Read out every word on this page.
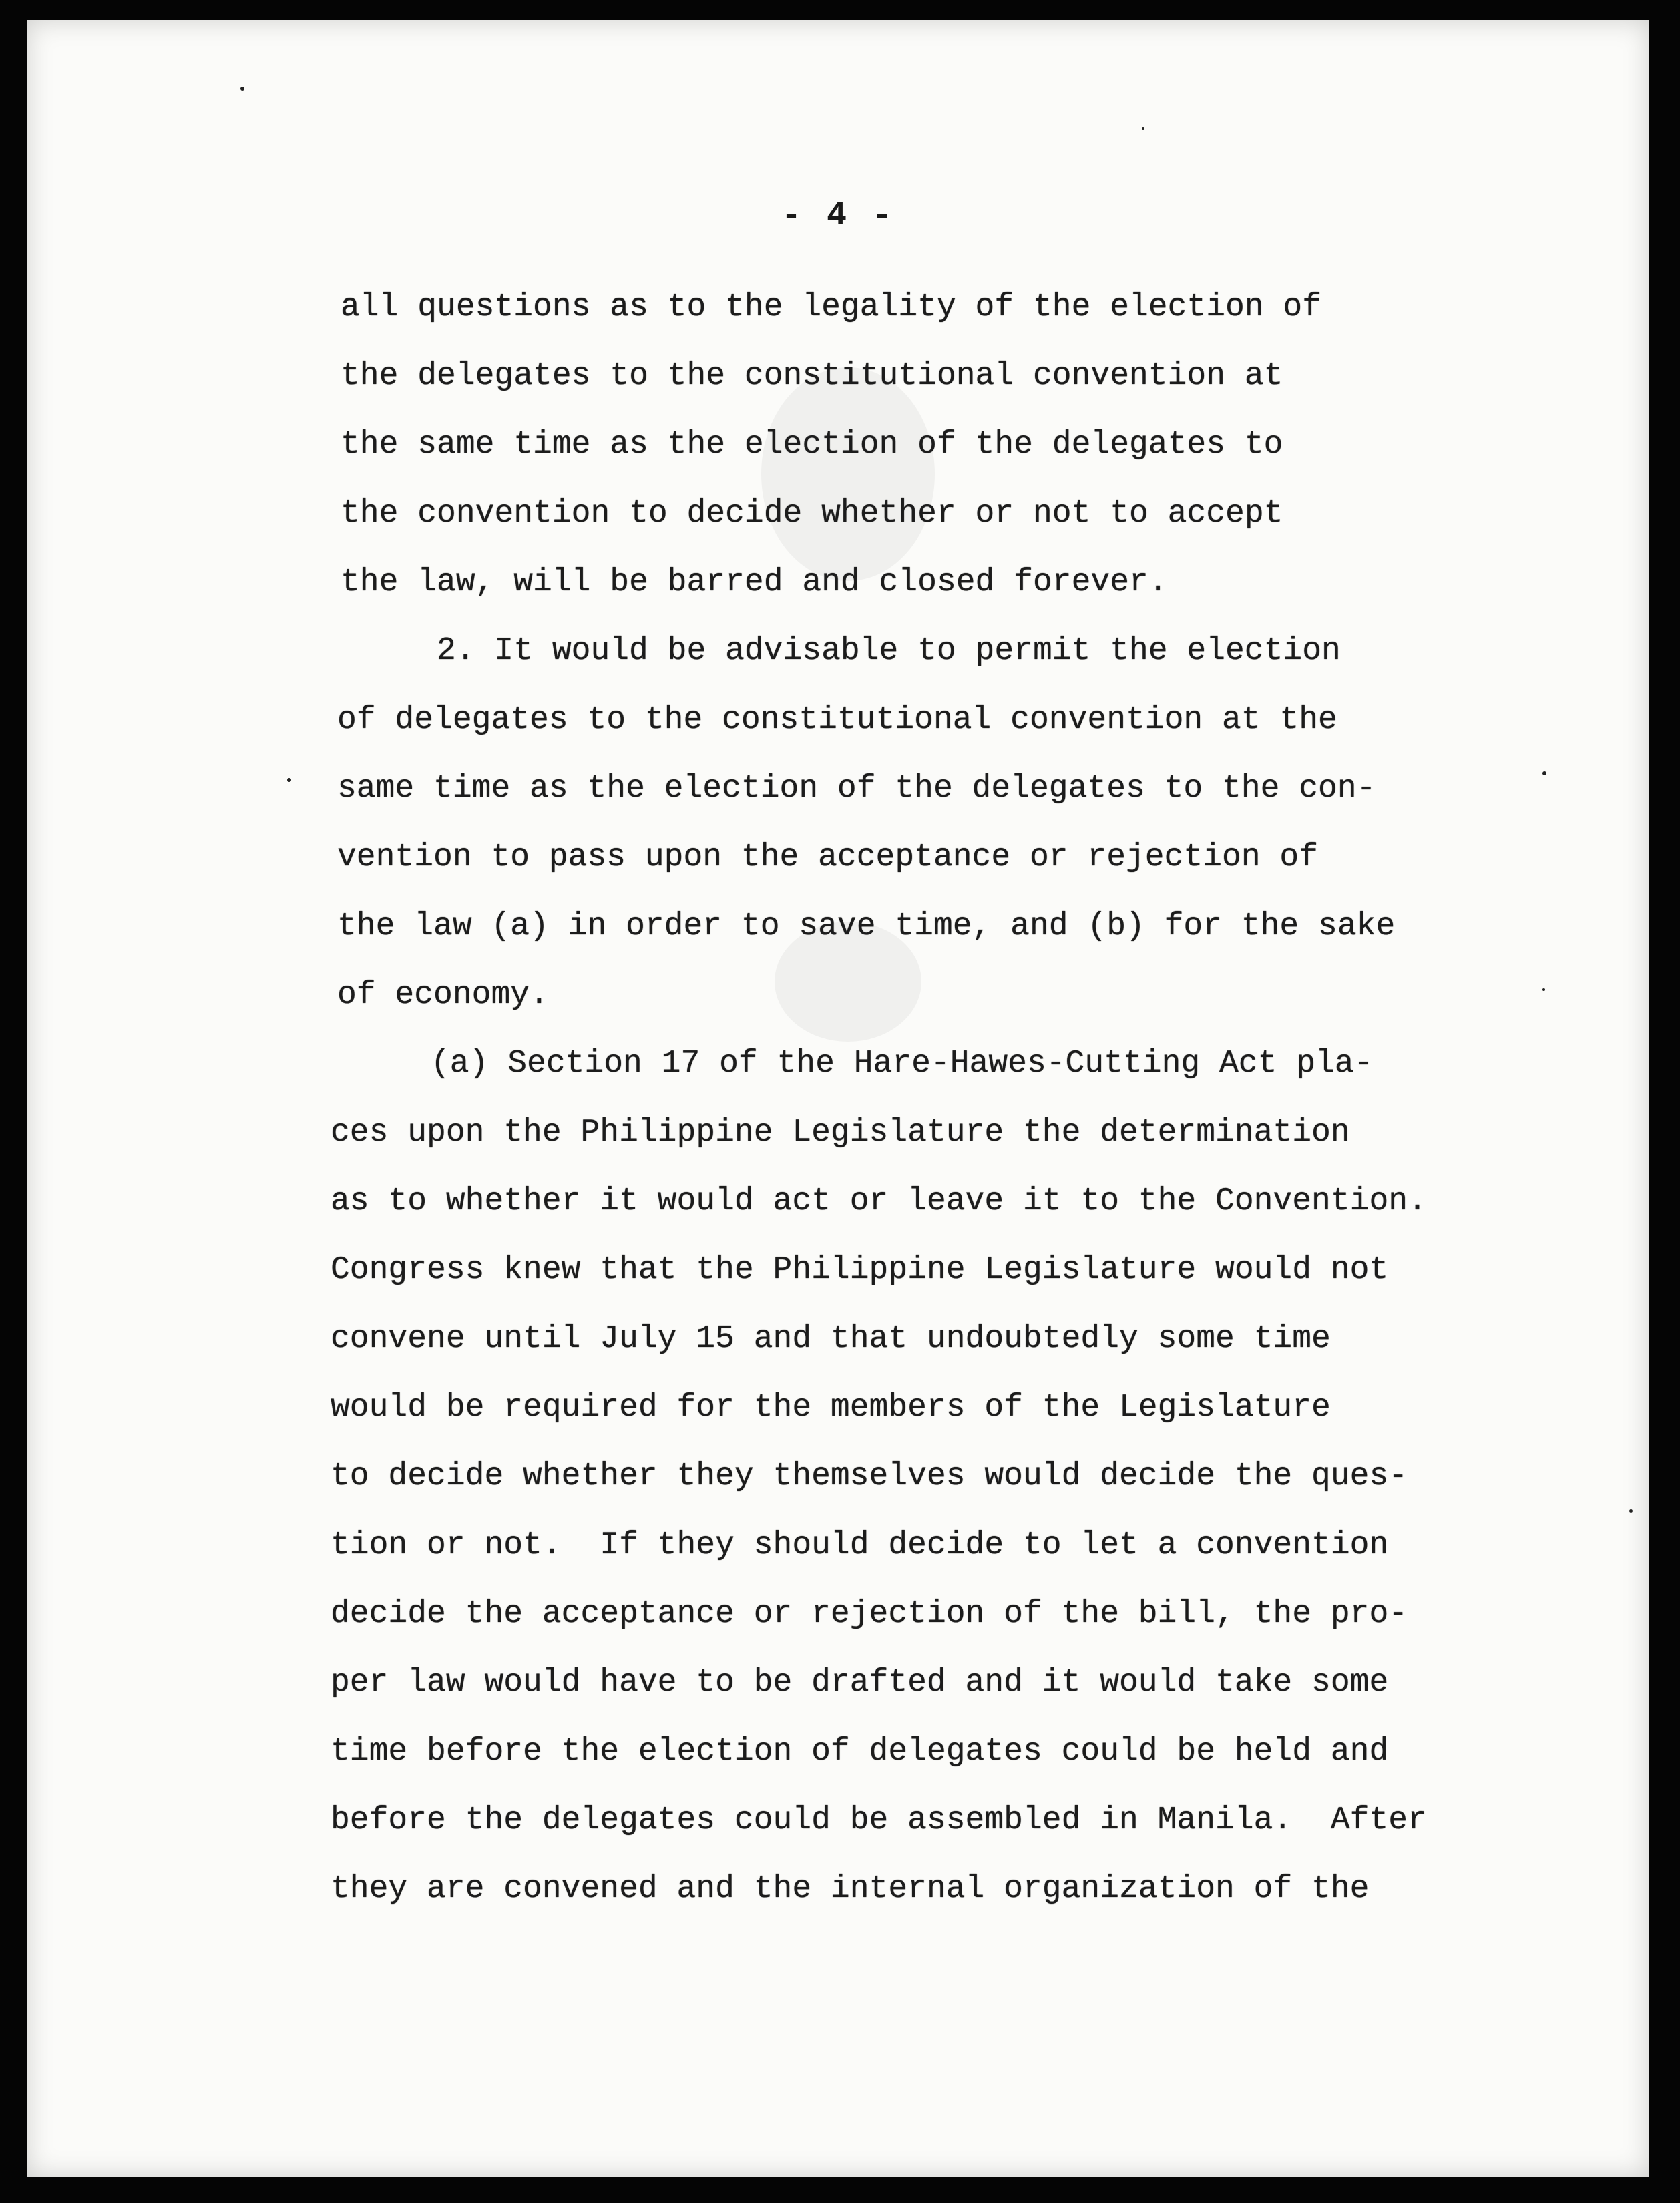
- 4 -

all questions as to the legality of the election of

the delegates to the constitutional convention at

the same time as the election of the delegates to

the convention to decide whether or not to accept

the law, will be barred and closed forever.

2. It would be advisable to permit the election

of delegates to the constitutional convention at the

same time as the election of the delegates to the con-

vention to pass upon the acceptance or rejection of

the law (a) in order to save time, and (b) for the sake

of economy.

(a) Section 17 of the Hare-Hawes-Cutting Act pla-

ces upon the Philippine Legislature the determination

as to whether it would act or leave it to the Convention.

Congress knew that the Philippine Legislature would not

convene until July 15 and that undoubtedly some time

would be required for the members of the Legislature

to decide whether they themselves would decide the ques-

tion or not.  If they should decide to let a convention

decide the acceptance or rejection of the bill, the pro-

per law would have to be drafted and it would take some

time before the election of delegates could be held and

before the delegates could be assembled in Manila.  After

they are convened and the internal organization of the
